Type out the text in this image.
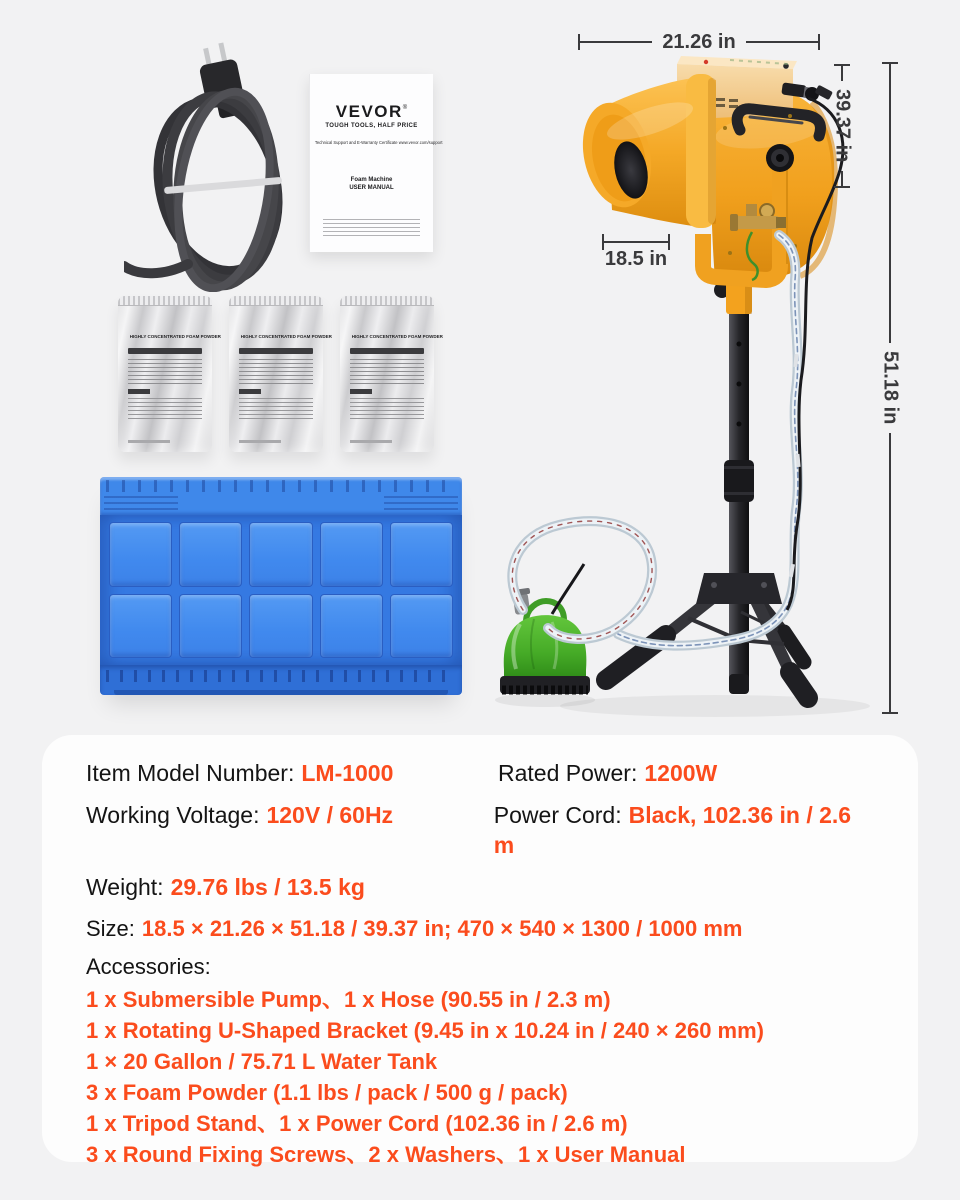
VEVOR®
TOUGH TOOLS, HALF PRICE
Technical Support and E-Warranty Certificate www.vevor.com/support
Foam Machine
USER MANUAL
HIGHLY CONCENTRATED FOAM POWDER	HIGHLY CONCENTRATED FOAM POWDER	HIGHLY CONCENTRATED FOAM POWDER
21.26 in
39.37 in
18.5 in
51.18 in
Item Model Number: LM-1000	Rated Power: 1200W
Working Voltage: 120V / 60Hz	Power Cord: Black, 102.36 in / 2.6 m
Weight: 29.76 lbs / 13.5 kg
Size: 18.5 × 21.26 × 51.18 / 39.37 in; 470 × 540 × 1300 / 1000 mm
Accessories:
1 x Submersible Pump、1 x Hose (90.55 in / 2.3 m)
1 x Rotating U-Shaped Bracket (9.45 in x 10.24 in / 240 × 260 mm)
1 × 20 Gallon / 75.71 L Water Tank
3 x Foam Powder (1.1 lbs / pack / 500 g / pack)
1 x Tripod Stand、1 x Power Cord (102.36 in / 2.6 m)
3 x Round Fixing Screws、2 x Washers、1 x User Manual
